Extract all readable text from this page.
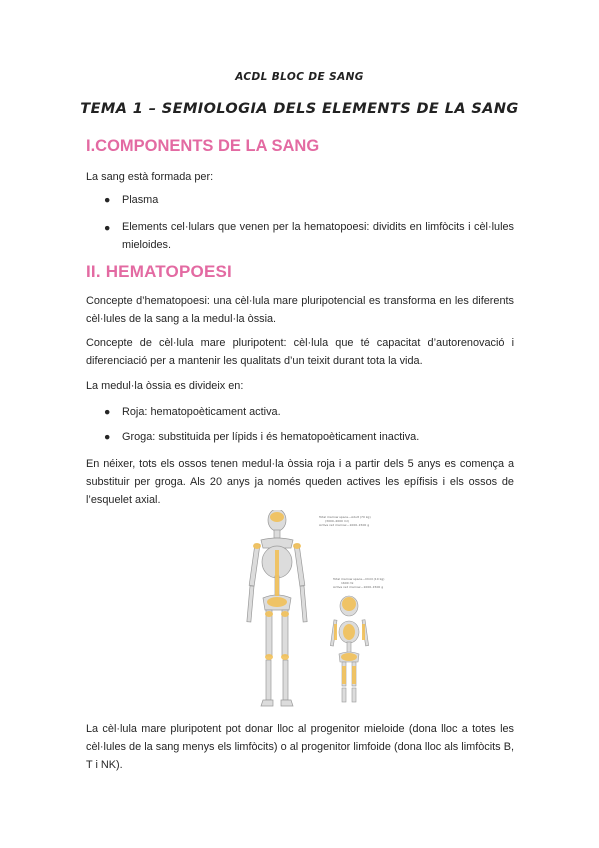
ACDL BLOC DE SANG
TEMA 1 – SEMIOLOGIA DELS ELEMENTS DE LA SANG
I.COMPONENTS DE LA SANG
La sang està formada per:
● Plasma
● Elements cel·lulars que venen per la hematopoesi: dividits en limfòcits i cèl·lules mieloides.
II. HEMATOPOESI
Concepte d’hematopoesi: una cèl·lula mare pluripotencial es transforma en les diferents cèl·lules de la sang a la medul·la òssia.
Concepte de cèl·lula mare pluripotent: cèl·lula que té capacitat d’autorenovació i diferenciació per a mantenir les qualitats d’un teixit durant tota la vida.
La medul·la òssia es divideix en:
● Roja: hematopoèticament activa.
● Groga: substituida per lípids i és hematopoèticament inactiva.
En néixer, tots els ossos tenen medul·la òssia roja i a partir dels 5 anys es comença a substituir per groga. Als 20 anys ja només queden actives les epífisis i els ossos de l’esquelet axial.
Total marrow space—Adult (70 kg)
(3000–4000 ml)
Active red marrow—1000–1500 g
Total marrow space—Child (10 kg)
1600 ml
Active red marrow—1000–1500 g
La cèl·lula mare pluripotent pot donar lloc al progenitor mieloide (dona lloc a totes les cèl·lules de la sang menys els limfòcits) o al progenitor limfoide (dona lloc als limfòcits B, T i NK).
